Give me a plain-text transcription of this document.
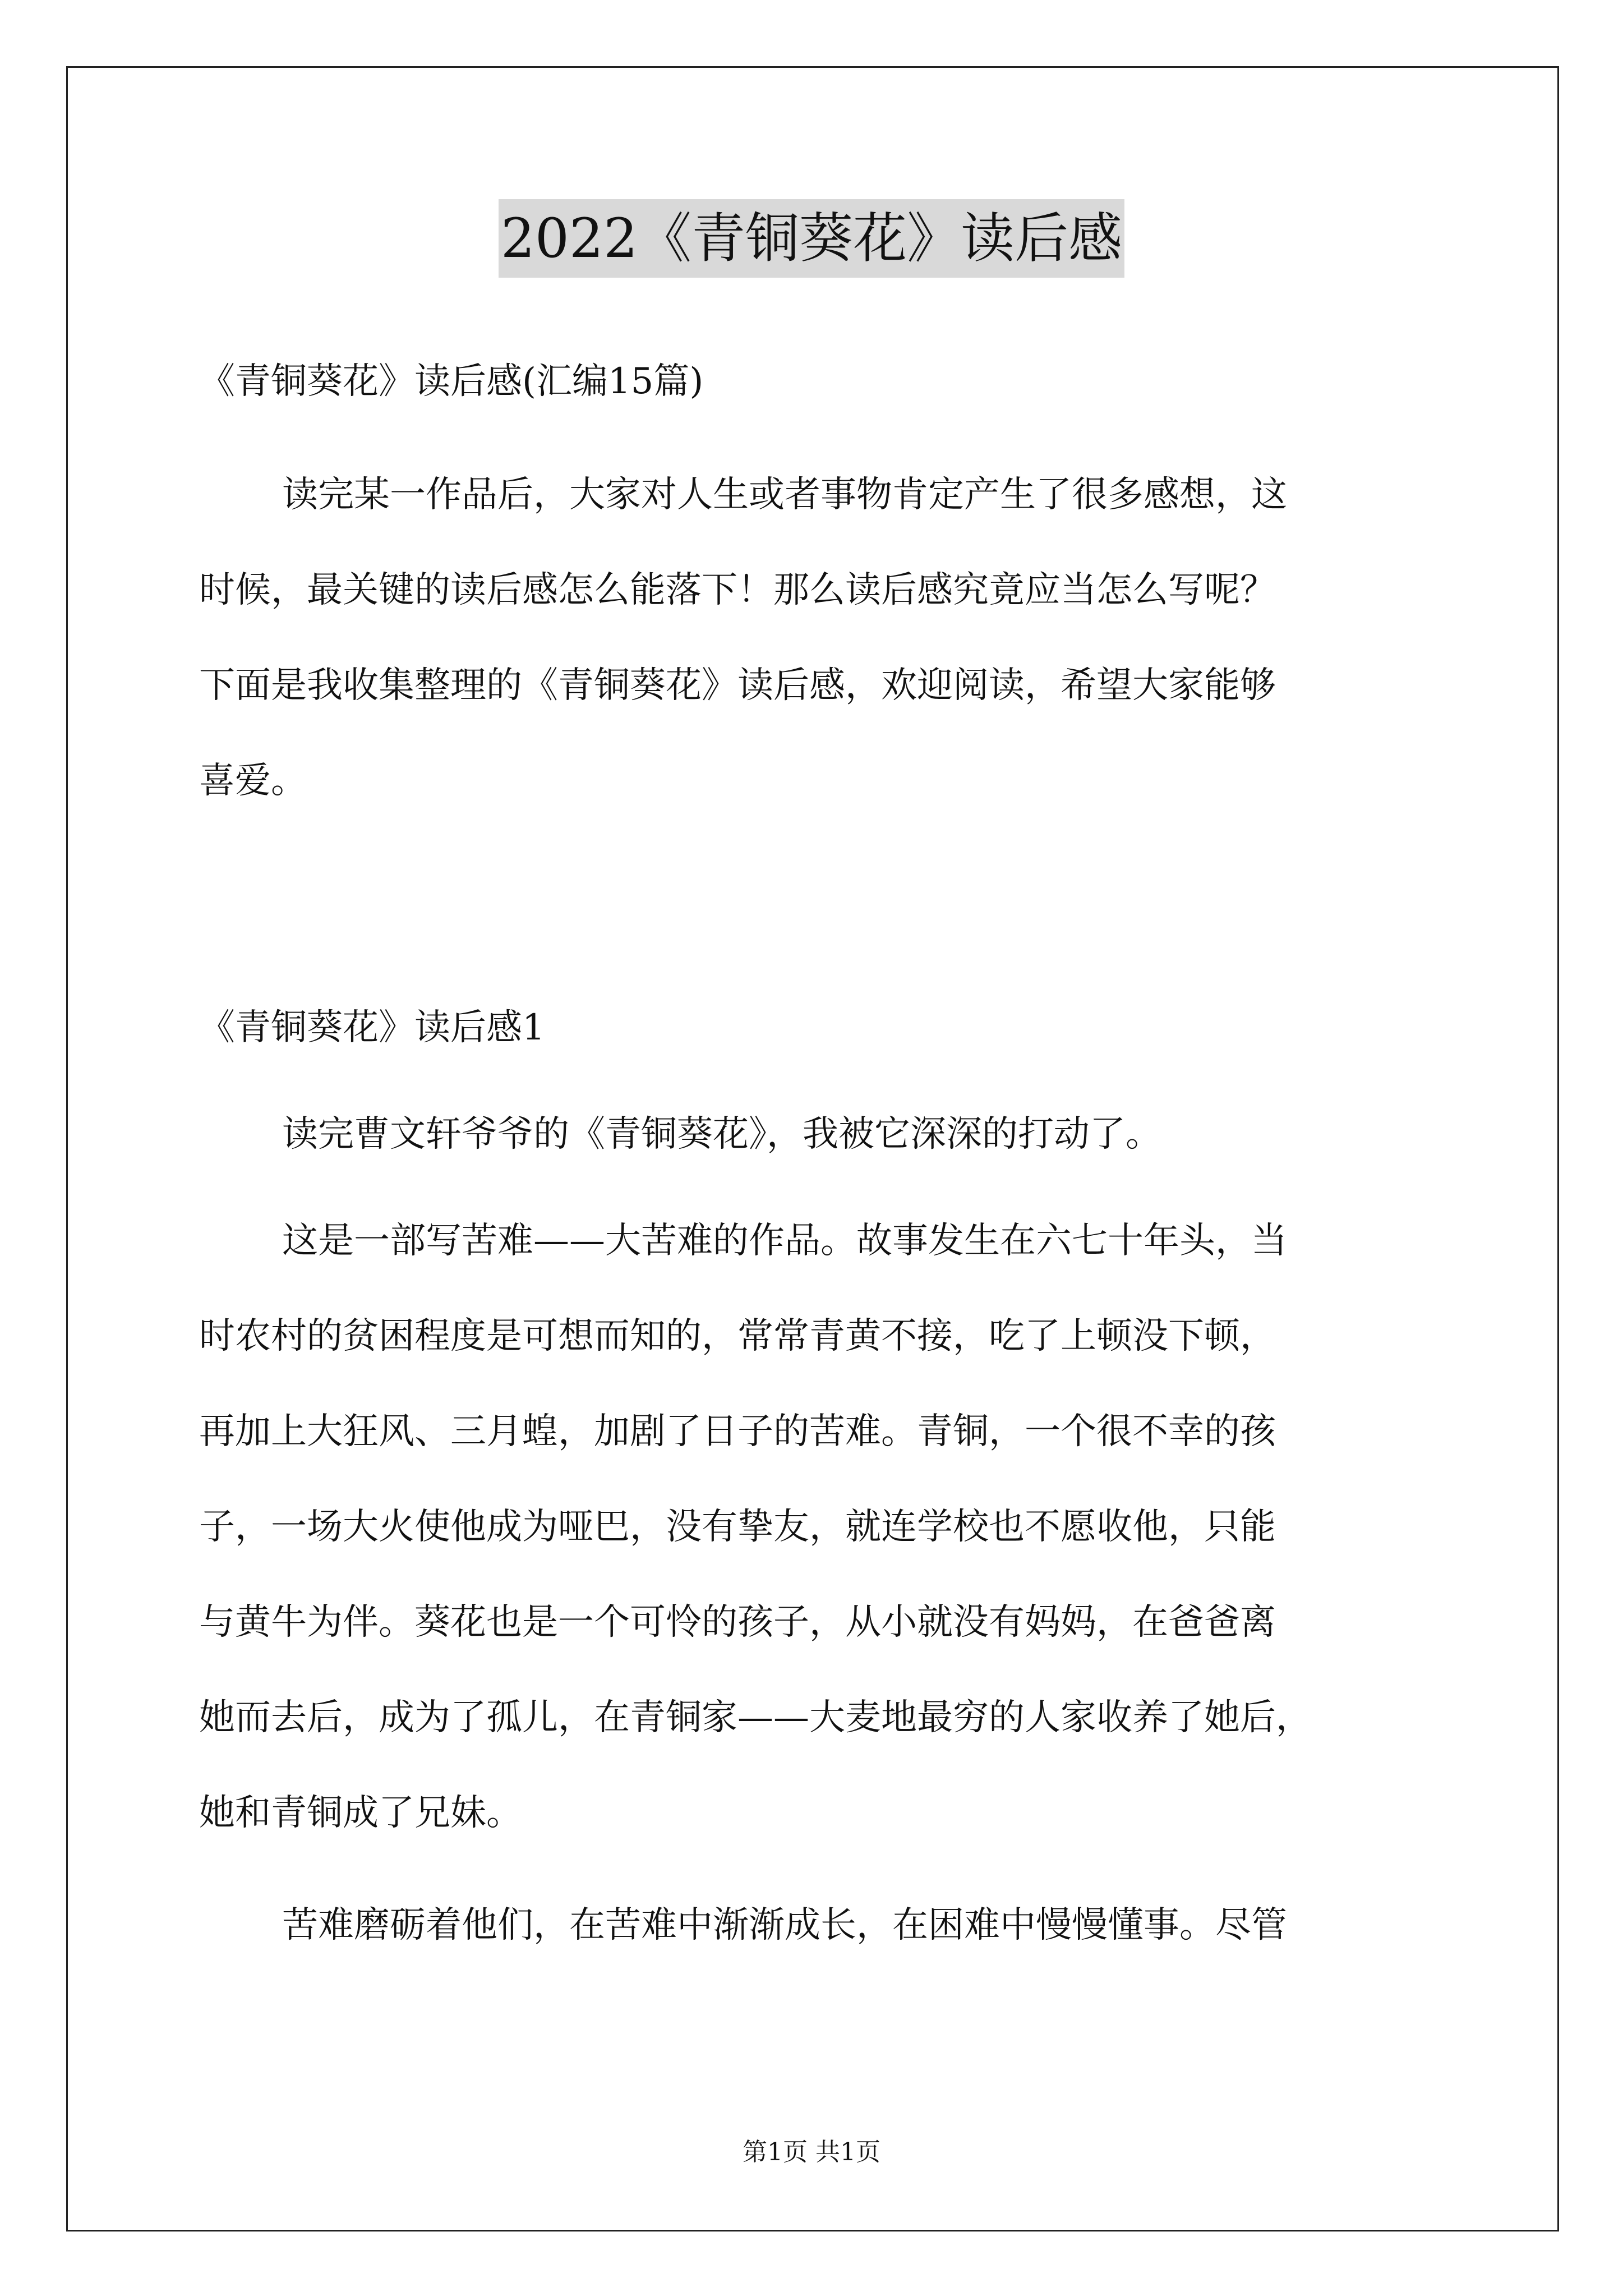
2022《青铜葵花》读后感
《青铜葵花》读后感(汇编15篇)
读完某一作品后，大家对人生或者事物肯定产生了很多感想，这
时候，最关键的读后感怎么能落下！那么读后感究竟应当怎么写呢？
下面是我收集整理的《青铜葵花》读后感，欢迎阅读，希望大家能够
喜爱。
《青铜葵花》读后感1
读完曹文轩爷爷的《青铜葵花》，我被它深深的打动了。
这是一部写苦难——大苦难的作品。故事发生在六七十年头，当
时农村的贫困程度是可想而知的，常常青黄不接，吃了上顿没下顿，
再加上大狂风、三月蝗，加剧了日子的苦难。青铜，一个很不幸的孩
子，一场大火使他成为哑巴，没有挚友，就连学校也不愿收他，只能
与黄牛为伴。葵花也是一个可怜的孩子，从小就没有妈妈，在爸爸离
她而去后，成为了孤儿，在青铜家——大麦地最穷的人家收养了她后，
她和青铜成了兄妹。
苦难磨砺着他们，在苦难中渐渐成长，在困难中慢慢懂事。尽管
第1页 共1页
